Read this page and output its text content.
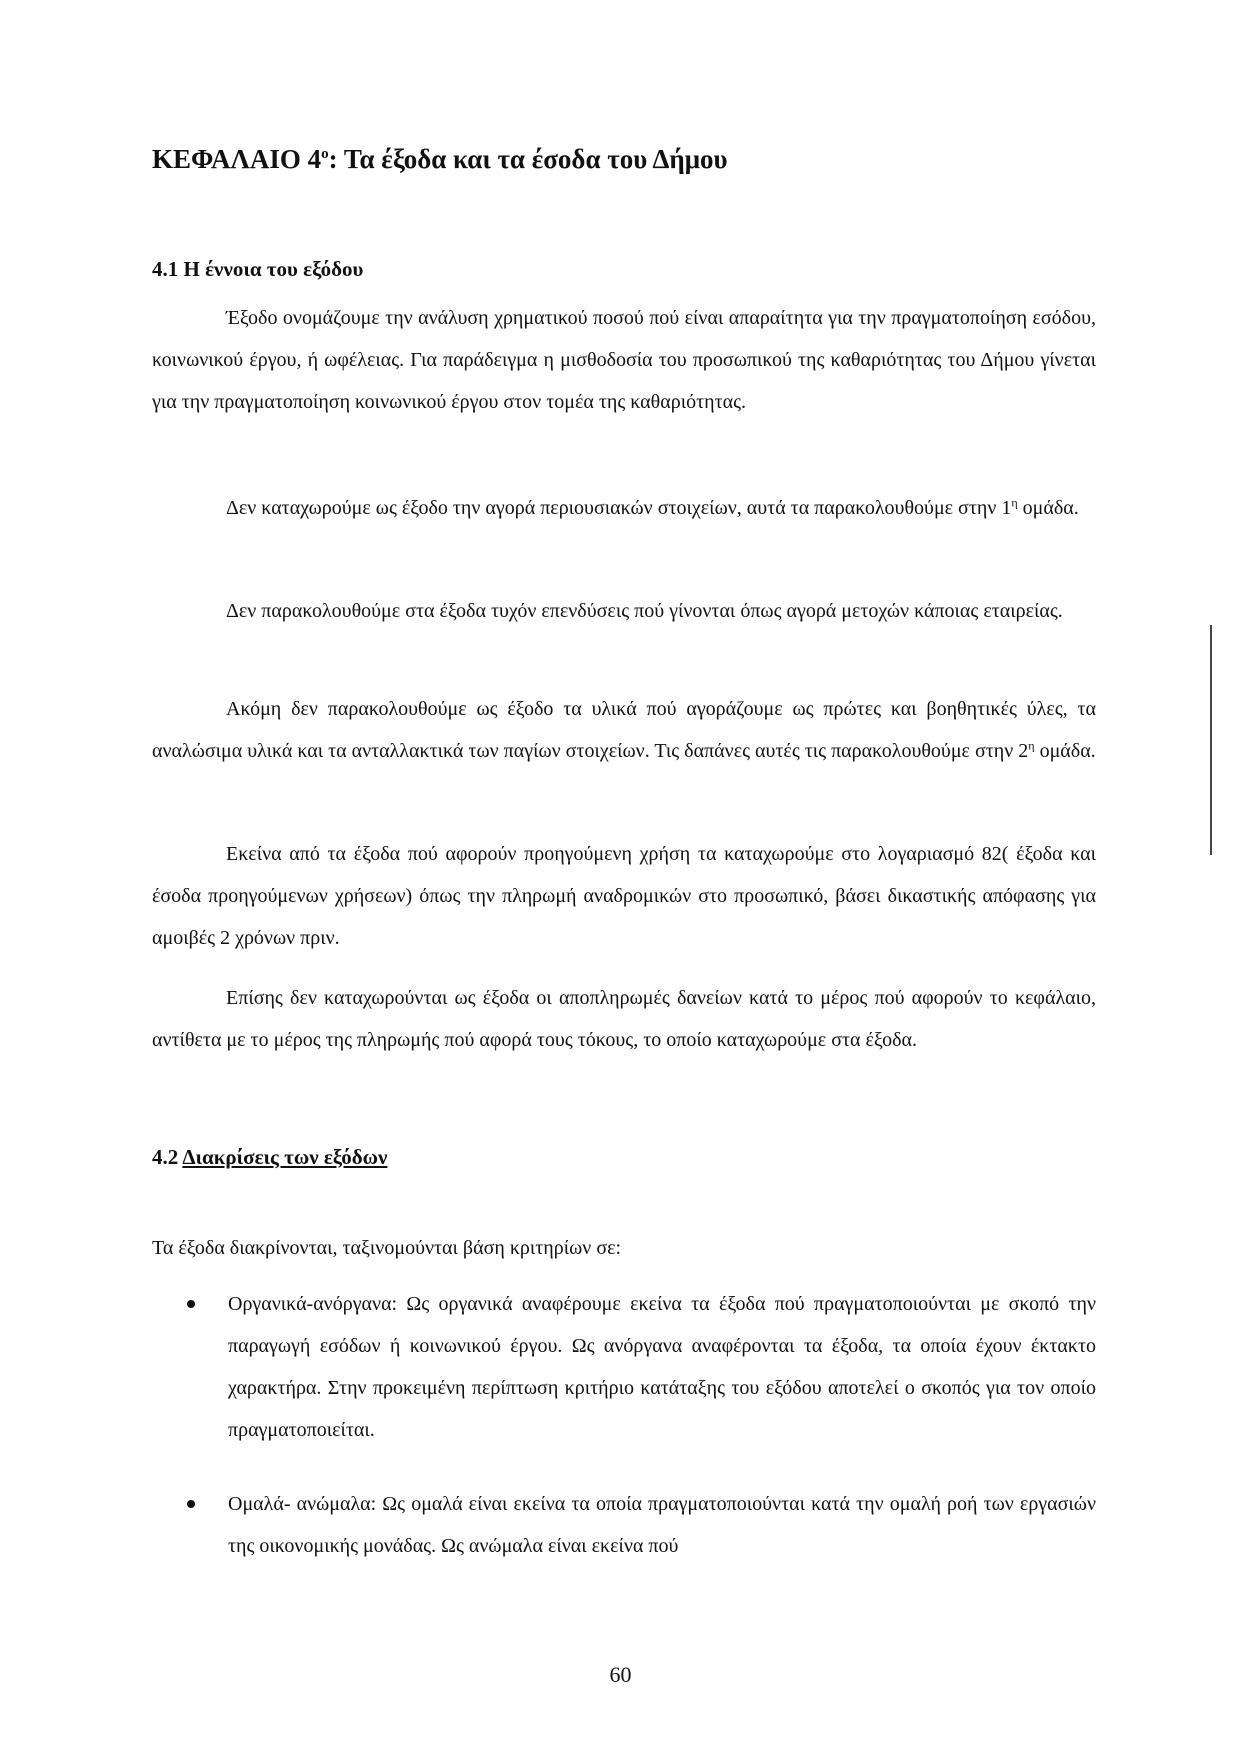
ΚΕΦΑΛΑΙΟ $4^o$: Τα έξοδα και τα έσοδα του Δήμου
4.1 Η έννοια του εξόδου

Έξοδο ονομάζουμε την ανάλυση χρηματικού ποσού πού είναι απαραίτητα για την πραγματοποίηση εσόδου, κοινωνικού έργου, ή ωφέλειας. Για παράδειγμα η μισθοδοσία του προσωπικού της καθαριότητας του Δήμου γίνεται για την πραγματοποίηση κοινωνικού έργου στον τομέα της καθαριότητας.

Δεν καταχωρούμε ως έξοδο την αγορά περιουσιακών στοιχείων, αυτά τα παρακολουθούμε στην $1^\eta$ ομάδα.

Δεν παρακολουθούμε στα έξοδα τυχόν επενδύσεις πού γίνονται όπως αγορά μετοχών κάποιας εταιρείας.

Ακόμη δεν παρακολουθούμε ως έξοδο τα υλικά πού αγοράζουμε ως πρώτες και βοηθητικές ύλες, τα αναλώσιμα υλικά και τα ανταλλακτικά των παγίων στοιχείων. Τις δαπάνες αυτές τις παρακολουθούμε στην $2^\eta$ ομάδα.

Εκείνα από τα έξοδα πού αφορούν προηγούμενη χρήση τα καταχωρούμε στο λογαριασμό 82( έξοδα και έσοδα προηγούμενων χρήσεων) όπως την πληρωμή αναδρομικών στο προσωπικό, βάσει δικαστικής απόφασης για αμοιβές 2 χρόνων πριν.

Επίσης δεν καταχωρούνται ως έξοδα οι αποπληρωμές δανείων κατά το μέρος πού αφορούν το κεφάλαιο, αντίθετα με το μέρος της πληρωμής πού αφορά τους τόκους, το οποίο καταχωρούμε στα έξοδα.

4.2 Διακρίσεις των εξόδων

Τα έξοδα διακρίνονται, ταξινομούνται βάση κριτηρίων σε:

Οργανικά-ανόργανα: Ως οργανικά αναφέρουμε εκείνα τα έξοδα πού πραγματοποιούνται με σκοπό την παραγωγή εσόδων ή κοινωνικού έργου. Ως ανόργανα αναφέρονται τα έξοδα, τα οποία έχουν έκτακτο χαρακτήρα. Στην προκειμένη περίπτωση κριτήριο κατάταξης του εξόδου αποτελεί ο σκοπός για τον οποίο πραγματοποιείται.
Ομαλά- ανώμαλα: Ως ομαλά είναι εκείνα τα οποία πραγματοποιούνται κατά την ομαλή ροή των εργασιών της οικονομικής μονάδας. Ως ανώμαλα είναι εκείνα πού
60
